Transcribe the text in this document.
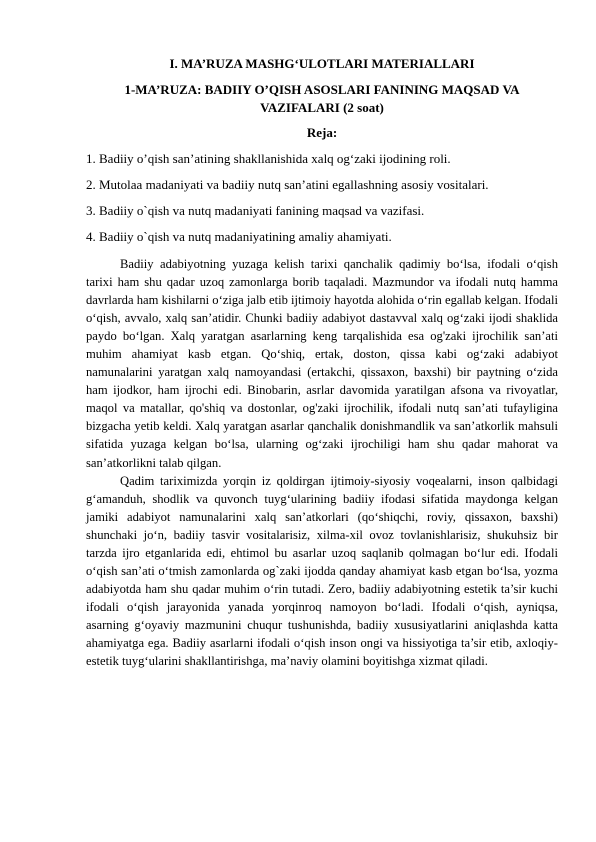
I. MA’RUZA MASHG‘ULOTLARI MATERIALLARI
1-MA’RUZA: BADIIY O’QISH ASOSLARI FANINING MAQSAD VA VAZIFALARI (2 soat)
Reja:
1. Badiiy o’qish san’atining shakllanishida xalq og‘zaki ijodining roli.
2. Mutolaa madaniyati va badiiy nutq san’atini egallashning asosiy vositalari.
3. Badiiy o`qish va nutq madaniyati fanining maqsad va vazifasi.
4. Badiiy o`qish va nutq madaniyatining amaliy ahamiyati.

Badiiy adabiyotning yuzaga kelish tarixi qanchalik qadimiy bo‘lsa, ifodali o‘qish tarixi ham shu qadar uzoq zamonlarga borib taqaladi. Mazmundor va ifodali nutq hamma davrlarda ham kishilarni o‘ziga jalb etib ijtimoiy hayotda alohida o‘rin egallab kelgan. Ifodali o‘qish, avvalo, xalq san’atidir. Chunki badiiy adabiyot dastavval xalq og‘zaki ijodi shaklida paydo bo‘lgan. Xalq yaratgan asarlarning keng tarqalishida esa og'zaki ijrochilik san’ati muhim ahamiyat kasb etgan. Qo‘shiq, ertak, doston, qissa kabi og‘zaki adabiyot namunalarini yaratgan xalq namoyandasi (ertakchi, qissaxon, baxshi) bir paytning o‘zida ham ijodkor, ham ijrochi edi. Binobarin, asrlar davomida yaratilgan afsona va rivoyatlar, maqol va matallar, qo'shiq va dostonlar, og'zaki ijrochilik, ifodali nutq san’ati tufayligina bizgacha yetib keldi. Xalq yaratgan asarlar qanchalik donishmandlik va san’atkorlik mahsuli sifatida yuzaga kelgan bo‘lsa, ularning og‘zaki ijrochiligi ham shu qadar mahorat va san’atkorlikni talab qilgan.

Qadim tariximizda yorqin iz qoldirgan ijtimoiy-siyosiy voqealarni, inson qalbidagi g‘amanduh, shodlik va quvonch tuyg‘ularining badiiy ifodasi sifatida maydonga kelgan jamiki adabiyot namunalarini xalq san’atkorlari (qo‘shiqchi, roviy, qissaxon, baxshi) shunchaki jo‘n, badiiy tasvir vositalarisiz, xilma-xil ovoz tovlanishlarisiz, shukuhsiz bir tarzda ijro etganlarida edi, ehtimol bu asarlar uzoq saqlanib qolmagan bo‘lur edi. Ifodali o‘qish san’ati o‘tmish zamonlarda og`zaki ijodda qanday ahamiyat kasb etgan bo‘lsa, yozma adabiyotda ham shu qadar muhim o‘rin tutadi. Zero, badiiy adabiyotning estetik ta’sir kuchi ifodali o‘qish jarayonida yanada yorqinroq namoyon bo‘ladi. Ifodali o‘qish, ayniqsa, asarning g‘oyaviy mazmunini chuqur tushunishda, badiiy xususiyatlarini aniqlashda katta ahamiyatga ega. Badiiy asarlarni ifodali o‘qish inson ongi va hissiyotiga ta’sir etib, axloqiy-estetik tuyg‘ularini shakllantirishga, ma’naviy olamini boyitishga xizmat qiladi.
